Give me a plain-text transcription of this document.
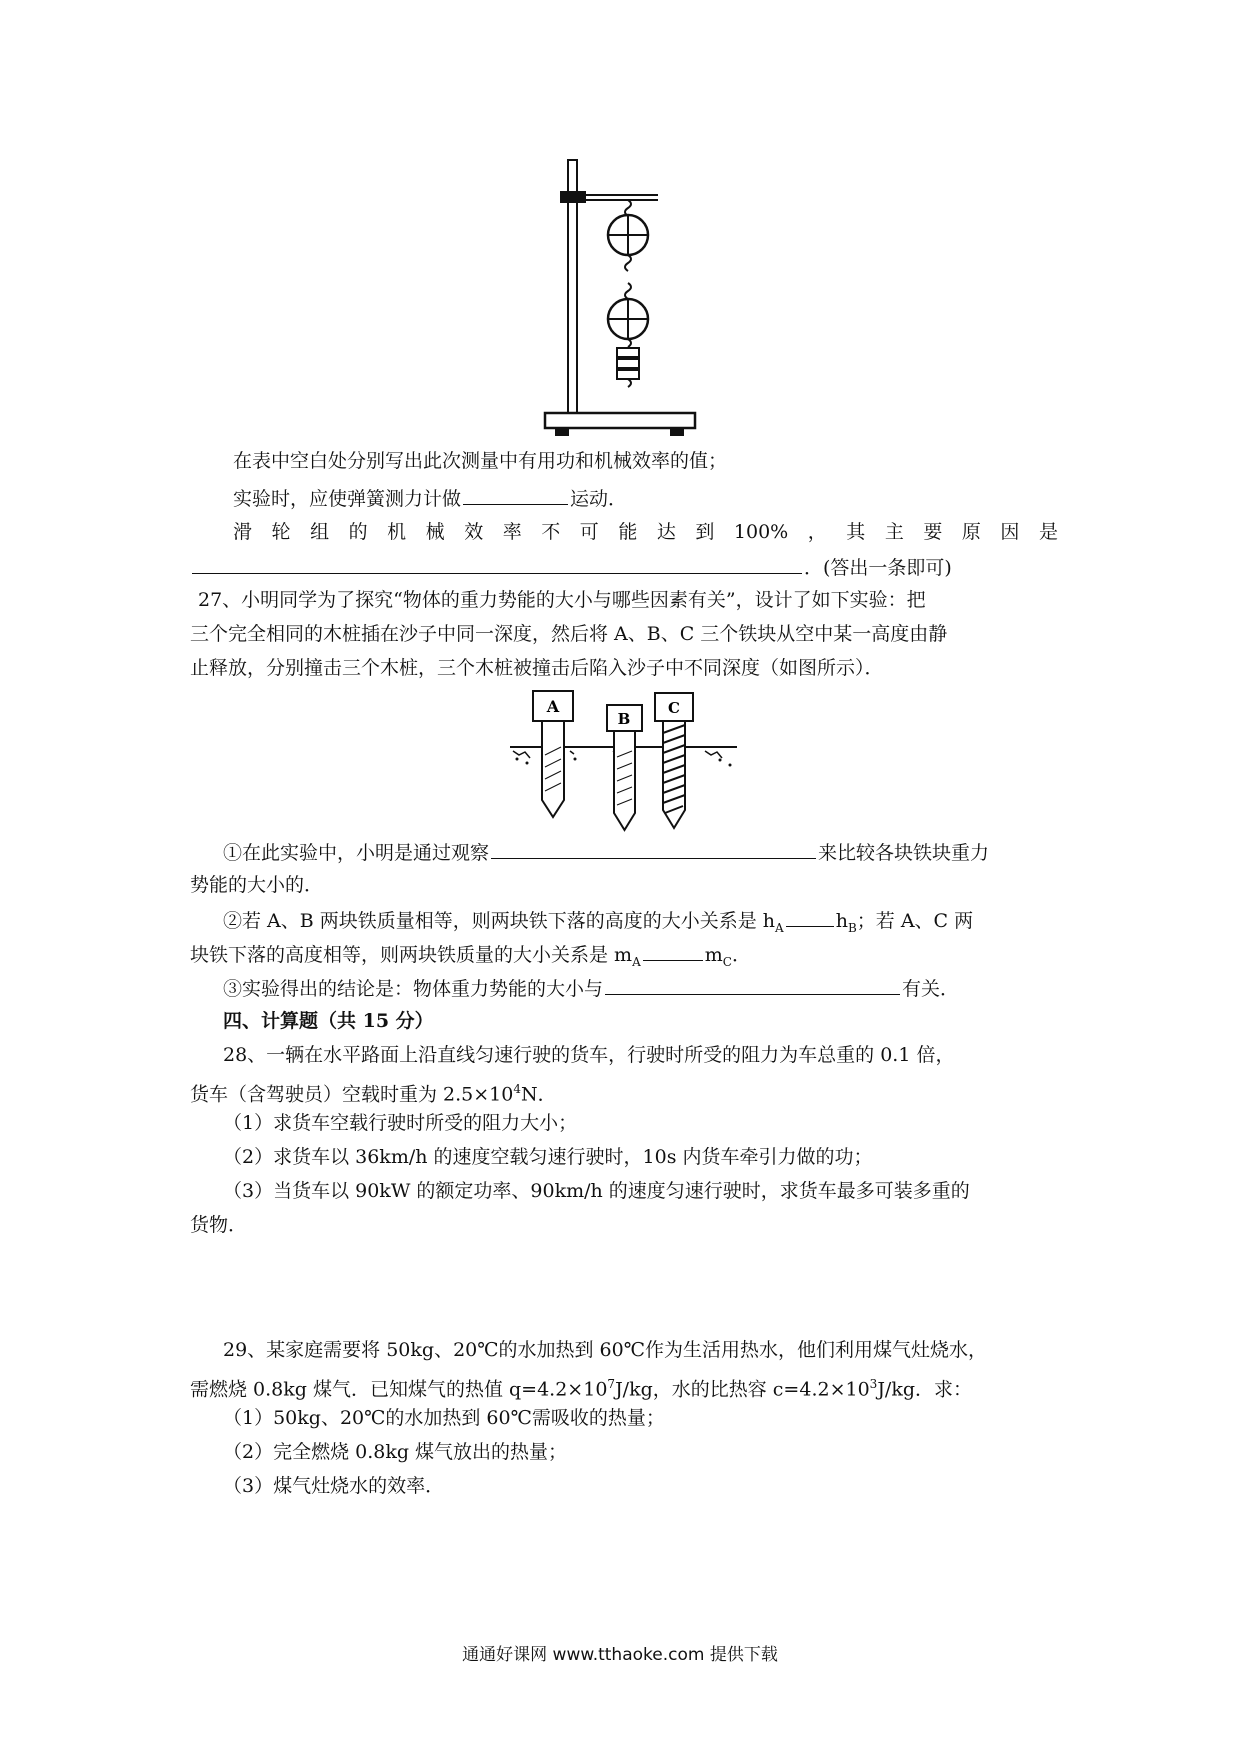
在表中空白处分别写出此次测量中有用功和机械效率的值；
实验时，应使弹簧测力计做	运动．
滑 轮 组 的 机 械 效 率 不 可 能 达 到 100% ， 其 主 要 原 因 是
．(答出一条即可)
27、小明同学为了探究“物体的重力势能的大小与哪些因素有关”，设计了如下实验：把
三个完全相同的木桩插在沙子中同一深度，然后将 A、B、C 三个铁块从空中某一高度由静
止释放，分别撞击三个木桩，三个木桩被撞击后陷入沙子中不同深度（如图所示）．
A
B
C
①在此实验中，小明是通过观察	来比较各块铁块重力
势能的大小的．
②若 A、B 两块铁质量相等，则两块铁下落的高度的大小关系是 $h_A$	$h_B$；若 A、C 两
块铁下落的高度相等，则两块铁质量的大小关系是 $m_A$	$m_C$．
③实验得出的结论是：物体重力势能的大小与	有关．
四、计算题（共 15 分）
28、一辆在水平路面上沿直线匀速行驶的货车，行驶时所受的阻力为车总重的 0.1 倍，
货车（含驾驶员）空载时重为 $2.5\times 10^4N$．
（1）求货车空载行驶时所受的阻力大小；
（2）求货车以 36km/h 的速度空载匀速行驶时，10s 内货车牵引力做的功；
（3）当货车以 90kW 的额定功率、90km/h 的速度匀速行驶时，求货车最多可装多重的
货物．
29、某家庭需要将 50kg、20℃的水加热到 60℃作为生活用热水，他们利用煤气灶烧水，
需燃烧 0.8kg 煤气．已知煤气的热值 $q=4.2\times 10^7J/kg$，水的比热容 $c=4.2\times 10^3J/kg$．求：
（1）50kg、20℃的水加热到 60℃需吸收的热量；
（2）完全燃烧 0.8kg 煤气放出的热量；
（3）煤气灶烧水的效率．
通通好课网 www.tthaoke.com 提供下载
